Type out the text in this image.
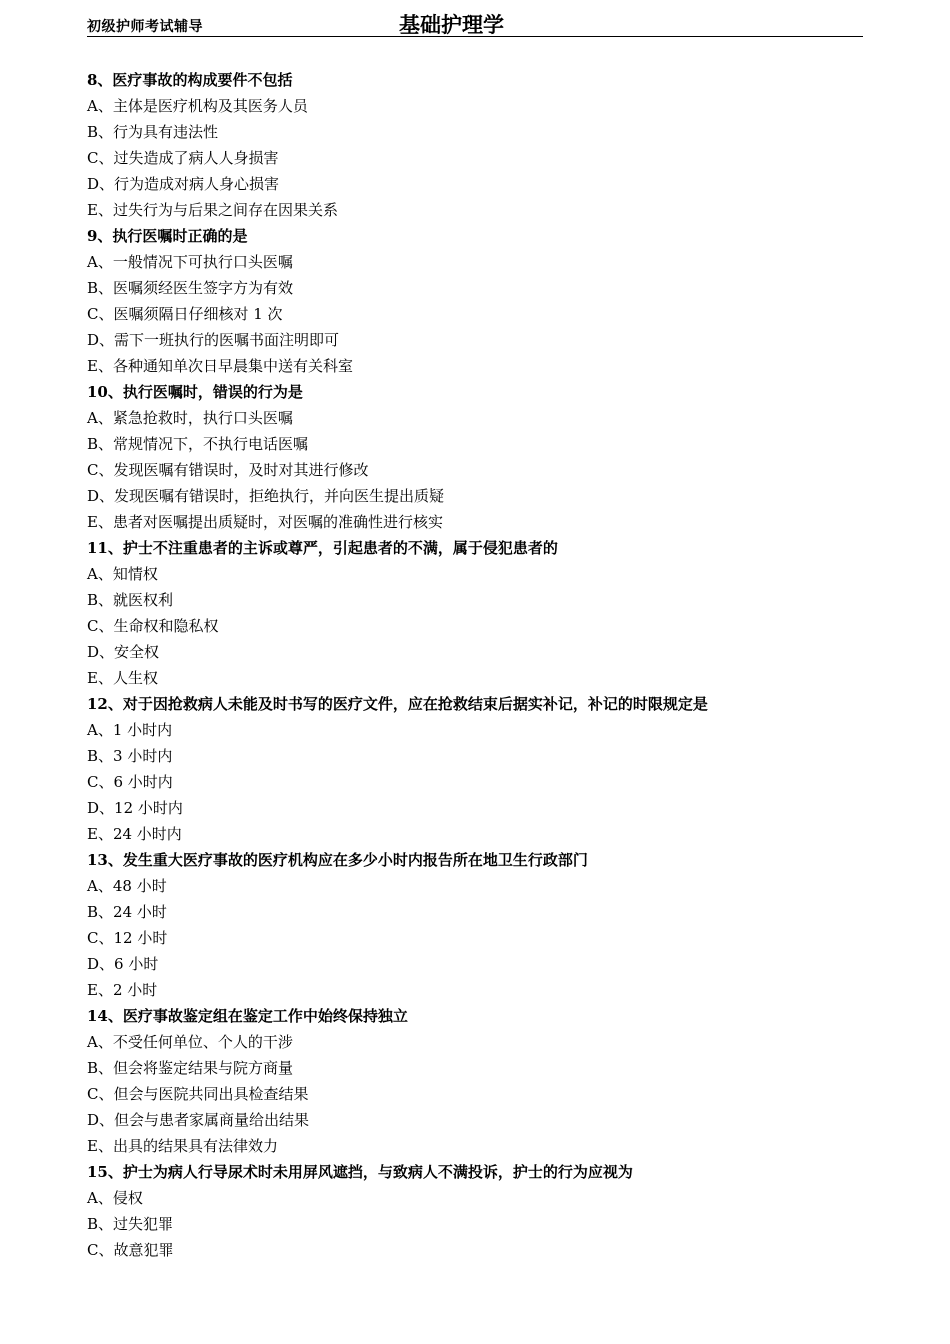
初级护师考试辅导	基础护理学
8、医疗事故的构成要件不包括
A、主体是医疗机构及其医务人员
B、行为具有违法性
C、过失造成了病人人身损害
D、行为造成对病人身心损害
E、过失行为与后果之间存在因果关系
9、执行医嘱时正确的是
A、一般情况下可执行口头医嘱
B、医嘱须经医生签字方为有效
C、医嘱须隔日仔细核对 1 次
D、需下一班执行的医嘱书面注明即可
E、各种通知单次日早晨集中送有关科室
10、执行医嘱时，错误的行为是
A、紧急抢救时，执行口头医嘱
B、常规情况下，不执行电话医嘱
C、发现医嘱有错误时，及时对其进行修改
D、发现医嘱有错误时，拒绝执行，并向医生提出质疑
E、患者对医嘱提出质疑时，对医嘱的准确性进行核实
11、护士不注重患者的主诉或尊严，引起患者的不满，属于侵犯患者的
A、知情权
B、就医权利
C、生命权和隐私权
D、安全权
E、人生权
12、对于因抢救病人未能及时书写的医疗文件，应在抢救结束后据实补记，补记的时限规定是
A、1 小时内
B、3 小时内
C、6 小时内
D、12 小时内
E、24 小时内
13、发生重大医疗事故的医疗机构应在多少小时内报告所在地卫生行政部门
A、48 小时
B、24 小时
C、12 小时
D、6 小时
E、2 小时
14、医疗事故鉴定组在鉴定工作中始终保持独立
A、不受任何单位、个人的干涉
B、但会将鉴定结果与院方商量
C、但会与医院共同出具检查结果
D、但会与患者家属商量给出结果
E、出具的结果具有法律效力
15、护士为病人行导尿术时未用屏风遮挡，与致病人不满投诉，护士的行为应视为
A、侵权
B、过失犯罪
C、故意犯罪
